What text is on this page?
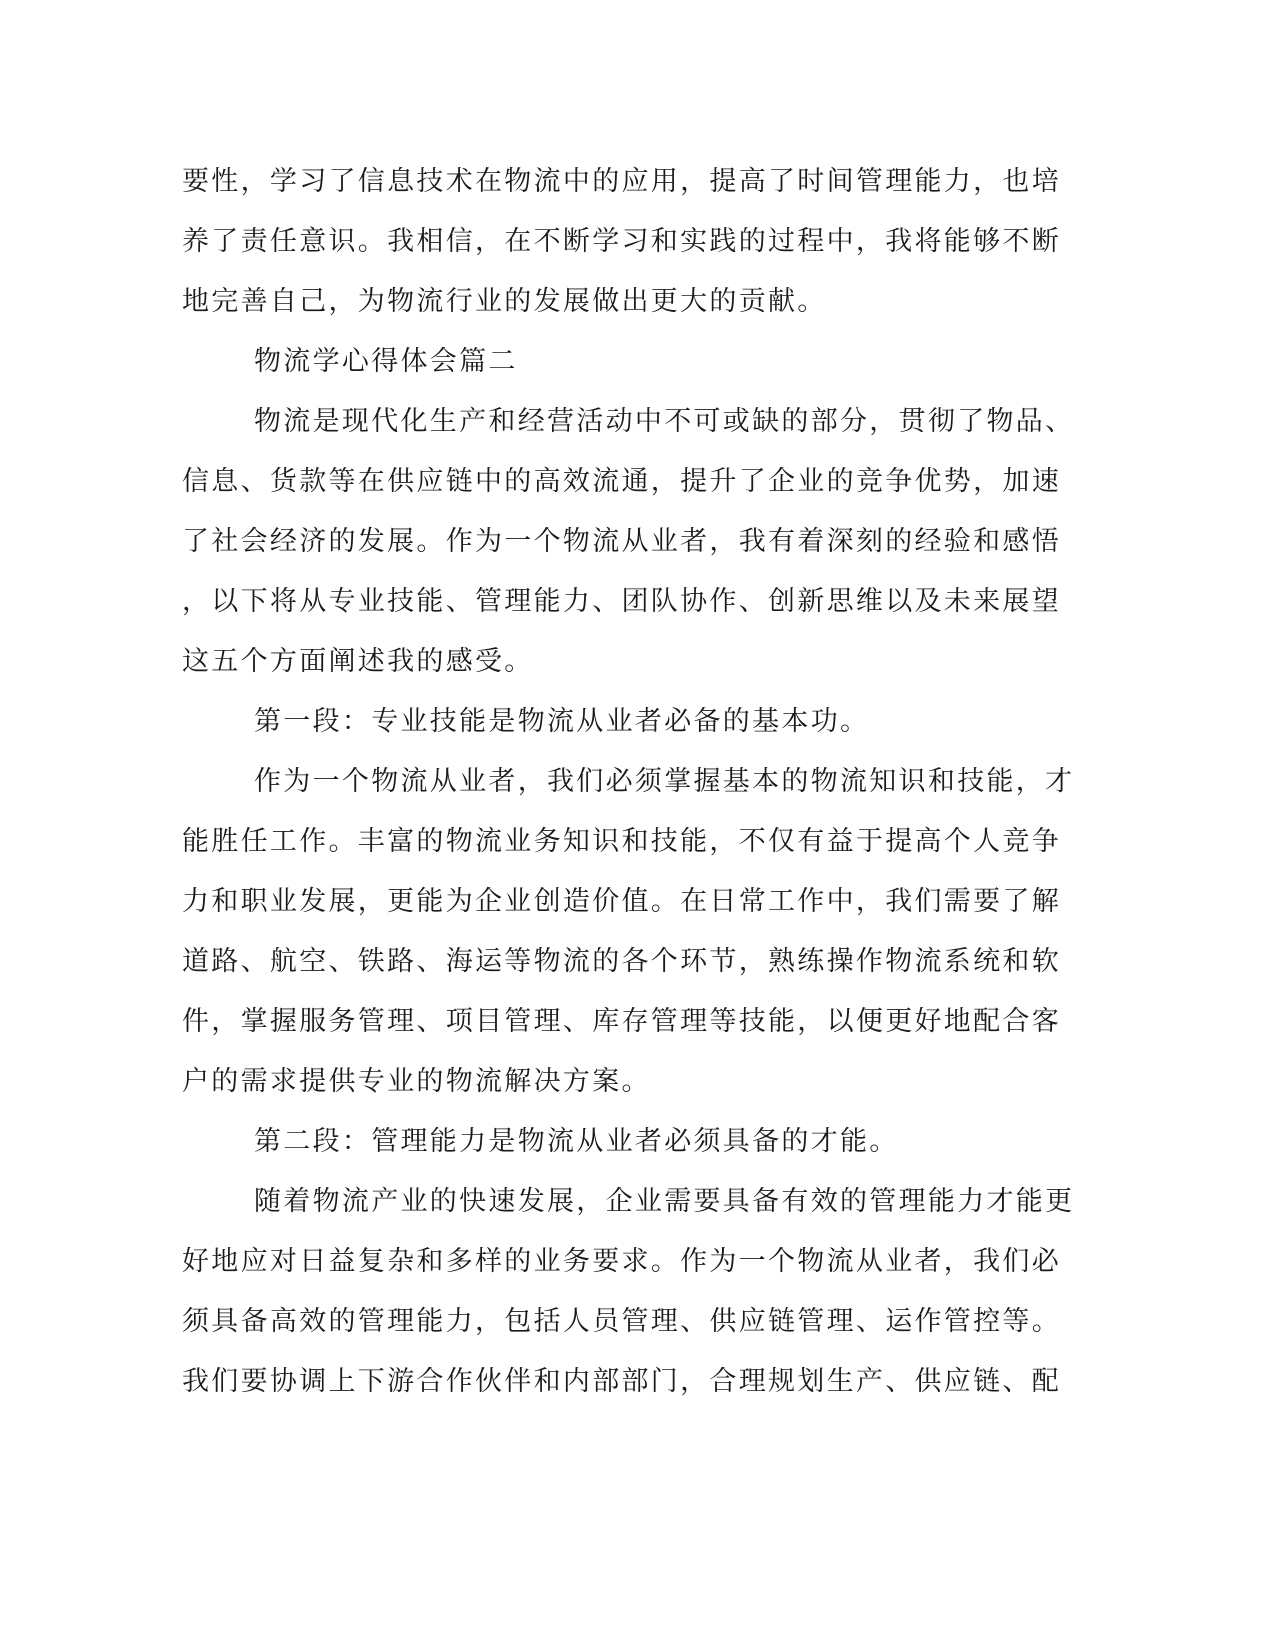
要性，学习了信息技术在物流中的应用，提高了时间管理能力，也培
养了责任意识。我相信，在不断学习和实践的过程中，我将能够不断
地完善自己，为物流行业的发展做出更大的贡献。
物流学心得体会篇二
物流是现代化生产和经营活动中不可或缺的部分，贯彻了物品、
信息、货款等在供应链中的高效流通，提升了企业的竞争优势，加速
了社会经济的发展。作为一个物流从业者，我有着深刻的经验和感悟
，以下将从专业技能、管理能力、团队协作、创新思维以及未来展望
这五个方面阐述我的感受。
第一段：专业技能是物流从业者必备的基本功。
作为一个物流从业者，我们必须掌握基本的物流知识和技能，才
能胜任工作。丰富的物流业务知识和技能，不仅有益于提高个人竞争
力和职业发展，更能为企业创造价值。在日常工作中，我们需要了解
道路、航空、铁路、海运等物流的各个环节，熟练操作物流系统和软
件，掌握服务管理、项目管理、库存管理等技能，以便更好地配合客
户的需求提供专业的物流解决方案。
第二段：管理能力是物流从业者必须具备的才能。
随着物流产业的快速发展，企业需要具备有效的管理能力才能更
好地应对日益复杂和多样的业务要求。作为一个物流从业者，我们必
须具备高效的管理能力，包括人员管理、供应链管理、运作管控等。
我们要协调上下游合作伙伴和内部部门，合理规划生产、供应链、配
